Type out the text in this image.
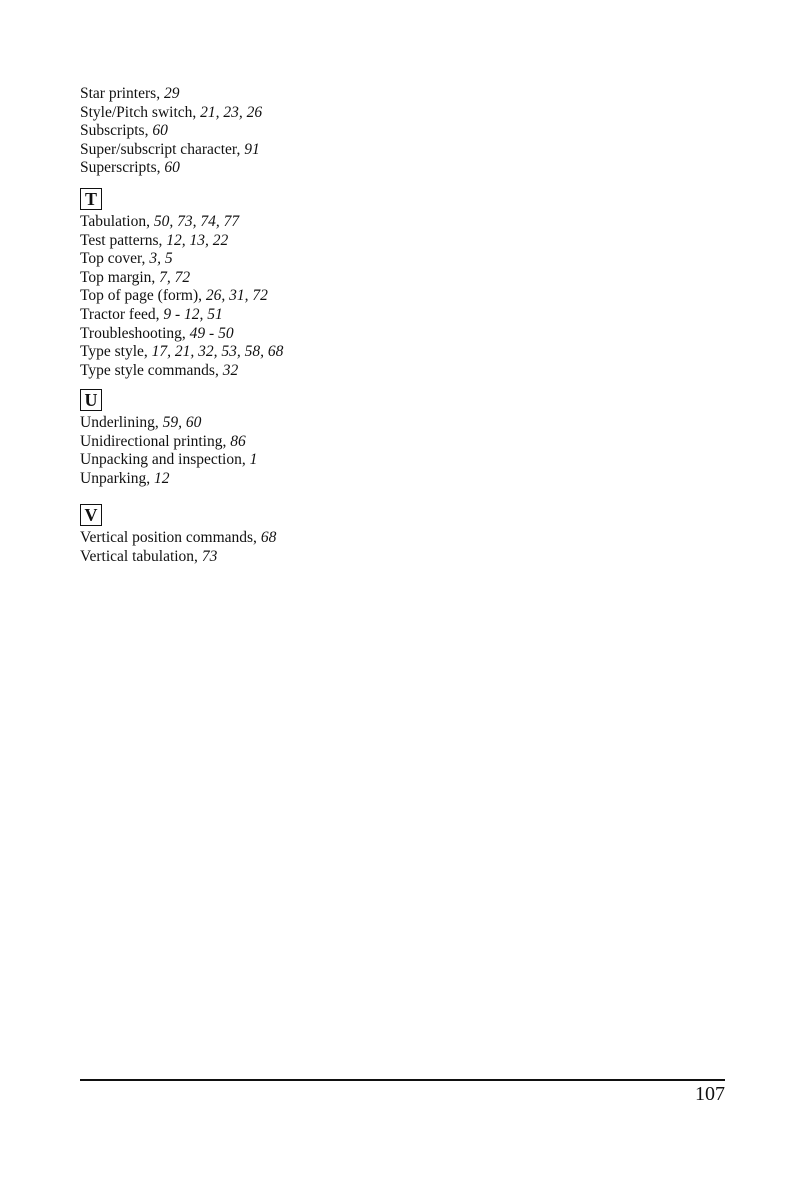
Star printers, 29
Style/Pitch switch, 21, 23, 26
Subscripts, 60
Super/subscript character, 91
Superscripts, 60
T
Tabulation, 50, 73, 74, 77
Test patterns, 12, 13, 22
Top cover, 3, 5
Top margin, 7, 72
Top of page (form), 26, 31, 72
Tractor feed, 9 - 12, 51
Troubleshooting, 49 - 50
Type style, 17, 21, 32, 53, 58, 68
Type style commands, 32
U
Underlining, 59, 60
Unidirectional printing, 86
Unpacking and inspection, 1
Unparking, 12
V
Vertical position commands, 68
Vertical tabulation, 73
107
